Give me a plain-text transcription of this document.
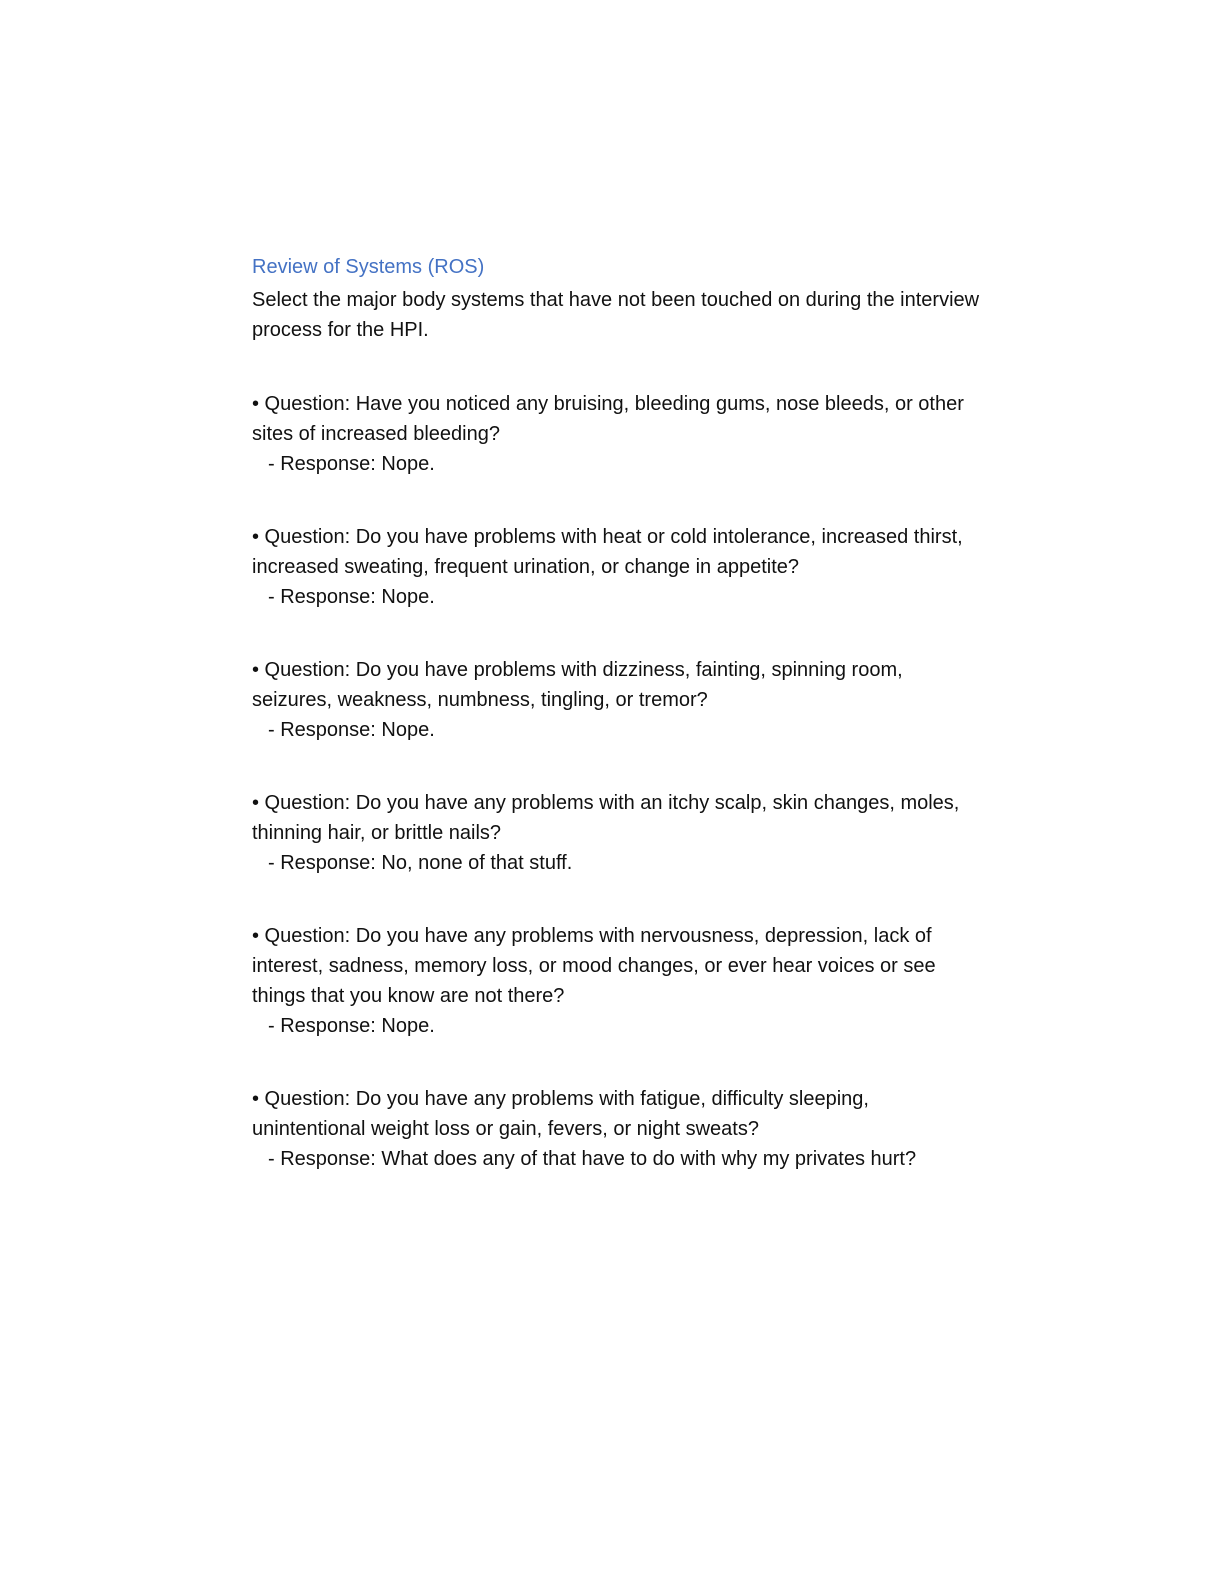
Review of Systems (ROS)

Select the major body systems that have not been touched on during the interview process for the HPI.

• Question: Have you noticed any bruising, bleeding gums, nose bleeds, or other sites of increased bleeding?

- Response: Nope.

• Question: Do you have problems with heat or cold intolerance, increased thirst, increased sweating, frequent urination, or change in appetite?

- Response: Nope.

• Question: Do you have problems with dizziness, fainting, spinning room, seizures, weakness, numbness, tingling, or tremor?

- Response: Nope.

• Question: Do you have any problems with an itchy scalp, skin changes, moles, thinning hair, or brittle nails?

- Response: No, none of that stuff.

• Question: Do you have any problems with nervousness, depression, lack of interest, sadness, memory loss, or mood changes, or ever hear voices or see things that you know are not there?

- Response: Nope.

• Question: Do you have any problems with fatigue, difficulty sleeping, unintentional weight loss or gain, fevers, or night sweats?

- Response: What does any of that have to do with why my privates hurt?
